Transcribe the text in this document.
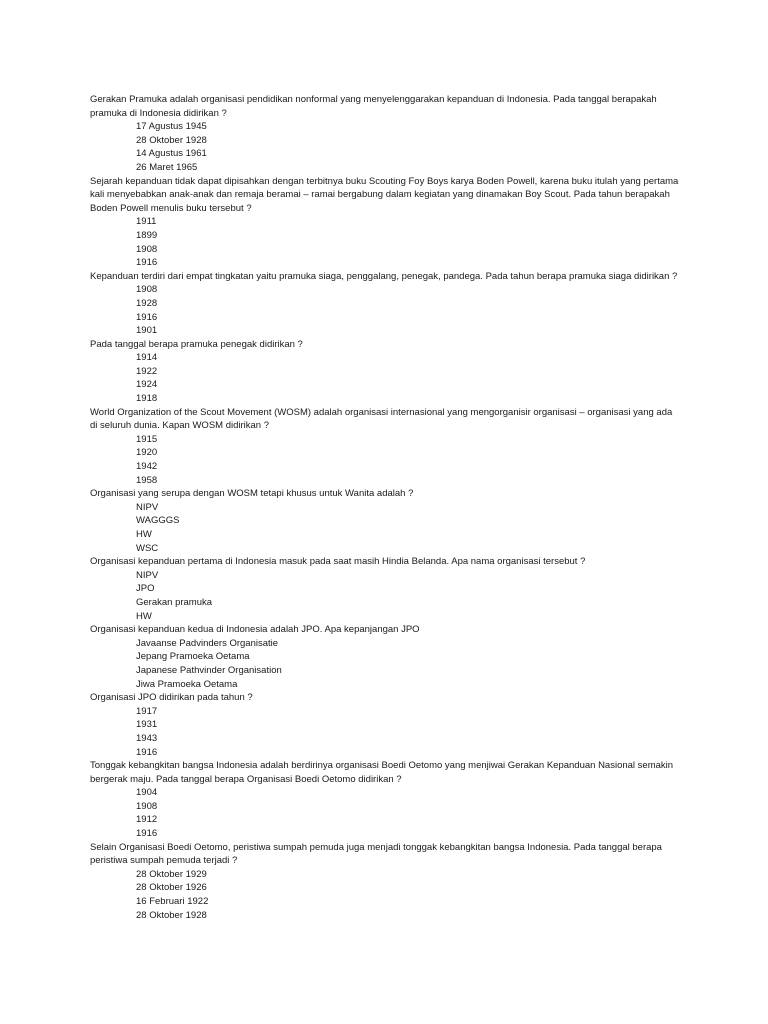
Gerakan Pramuka adalah organisasi pendidikan nonformal yang menyelenggarakan kepanduan di Indonesia. Pada tanggal berapakah pramuka di Indonesia didirikan ?
17 Agustus 1945
28 Oktober 1928
14 Agustus 1961
26 Maret 1965
Sejarah kepanduan tidak dapat dipisahkan dengan terbitnya buku Scouting Foy Boys karya Boden Powell, karena buku itulah yang pertama kali menyebabkan anak-anak dan remaja beramai – ramai bergabung dalam kegiatan yang dinamakan Boy Scout. Pada tahun berapakah Boden Powell menulis buku tersebut ?
1911
1899
1908
1916
Kepanduan terdiri dari empat tingkatan yaitu pramuka siaga, penggalang, penegak, pandega. Pada tahun berapa pramuka siaga didirikan ?
1908
1928
1916
1901
Pada tanggal berapa pramuka penegak didirikan ?
1914
1922
1924
1918
World Organization of the Scout Movement (WOSM) adalah organisasi internasional yang mengorganisir organisasi – organisasi yang ada di seluruh dunia. Kapan WOSM didirikan ?
1915
1920
1942
1958
Organisasi yang serupa dengan WOSM tetapi khusus untuk Wanita adalah ?
NIPV
WAGGGS
HW
WSC
Organisasi kepanduan pertama di Indonesia masuk pada saat masih Hindia Belanda. Apa nama organisasi tersebut ?
NIPV
JPO
Gerakan pramuka
HW
Organisasi kepanduan kedua di Indonesia adalah JPO. Apa kepanjangan JPO
Javaanse Padvinders Organisatie
Jepang Pramoeka Oetama
Japanese Pathvinder Organisation
Jiwa Pramoeka Oetama
Organisasi JPO didirikan pada tahun ?
1917
1931
1943
1916
Tonggak kebangkitan bangsa Indonesia adalah berdirinya organisasi Boedi Oetomo yang menjiwai Gerakan Kepanduan Nasional semakin bergerak maju. Pada tanggal berapa Organisasi Boedi Oetomo didirikan ?
1904
1908
1912
1916
Selain Organisasi Boedi Oetomo, peristiwa sumpah pemuda juga menjadi tonggak kebangkitan bangsa Indonesia. Pada tanggal berapa peristiwa sumpah pemuda terjadi ?
28 Oktober 1929
28 Oktober 1926
16 Februari 1922
28 Oktober 1928
